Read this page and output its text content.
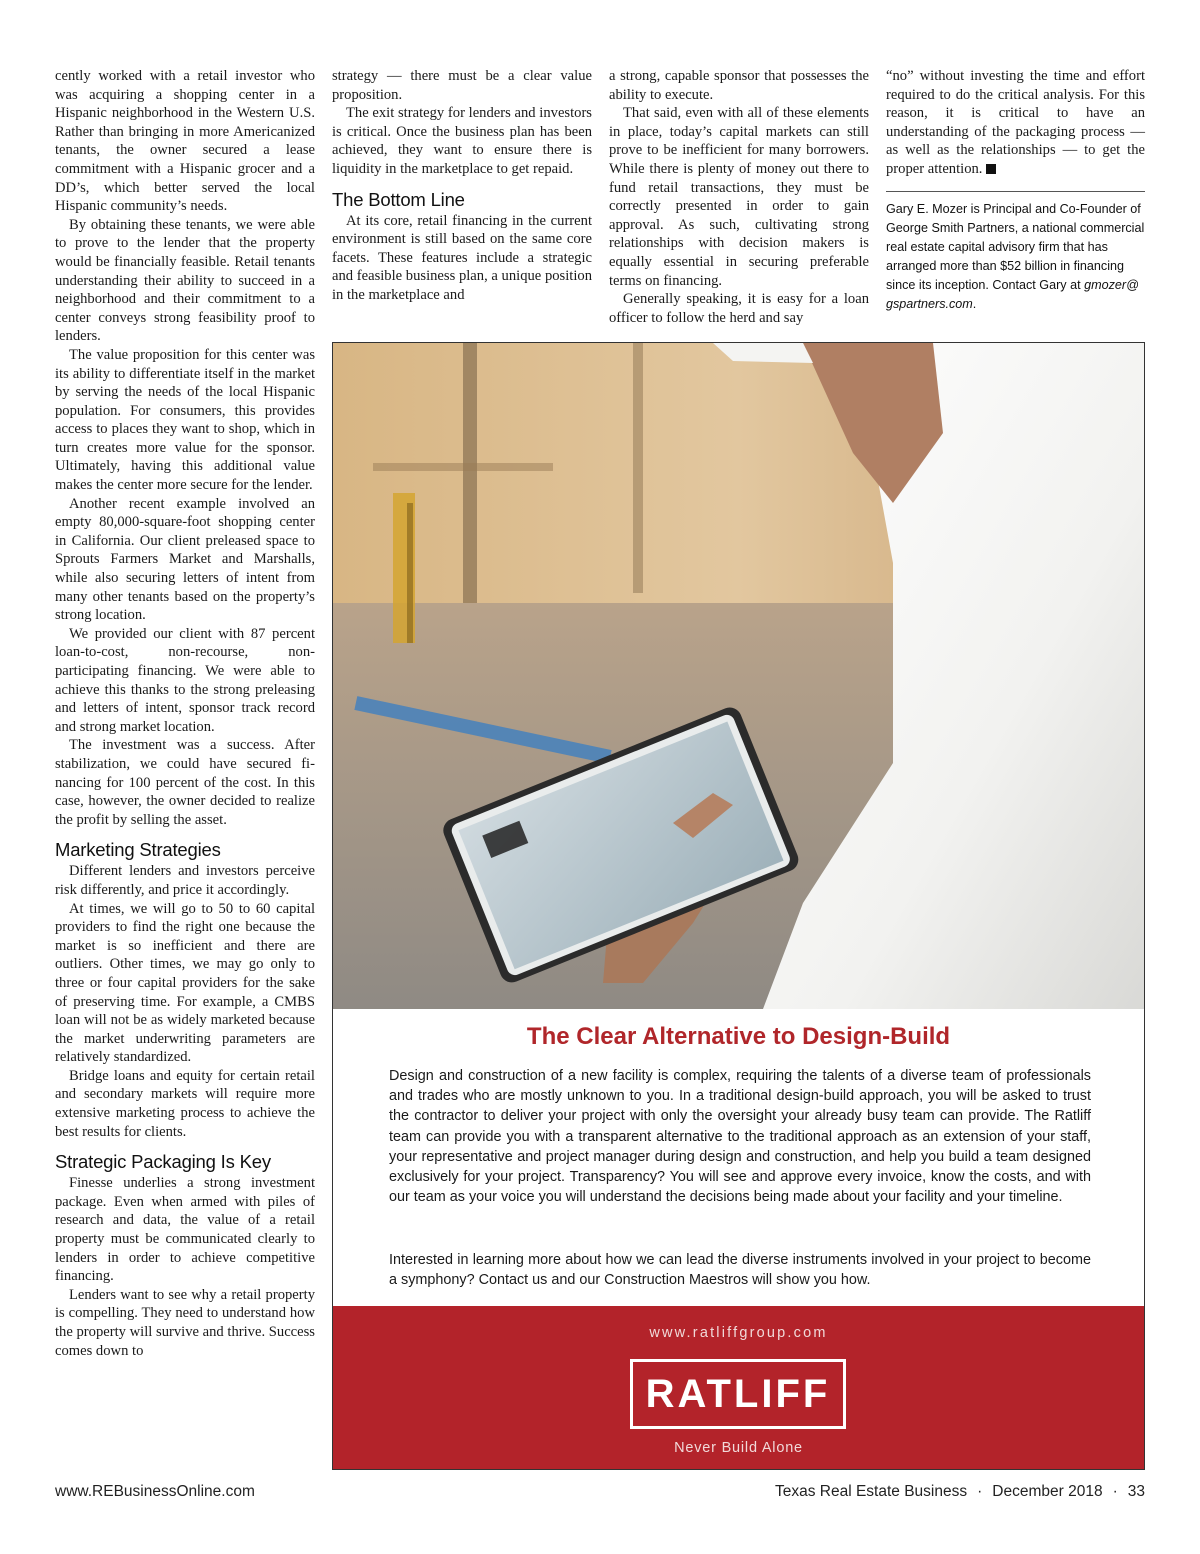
cently worked with a retail investor who was acquiring a shopping center in a Hispanic neighborhood in the Western U.S. Rather than bringing in more Americanized tenants, the owner secured a lease commitment with a Hispanic grocer and a DD’s, which better served the local Hispanic community’s needs.

By obtaining these tenants, we were able to prove to the lender that the property would be financially feasible. Retail tenants understanding their ability to succeed in a neighborhood and their commitment to a center conveys strong feasibility proof to lenders.

The value proposition for this center was its ability to differentiate itself in the market by serving the needs of the local Hispanic population. For consumers, this provides access to places they want to shop, which in turn creates more value for the sponsor. Ultimately, having this additional value makes the center more secure for the lender.

Another recent example involved an empty 80,000-square-foot shopping center in California. Our client preleased space to Sprouts Farmers Market and Marshalls, while also securing letters of intent from many other tenants based on the property’s strong location.

We provided our client with 87 percent loan-to-cost, non-recourse, non-participating financing. We were able to achieve this thanks to the strong preleasing and letters of intent, sponsor track record and strong market location.

The investment was a success. After stabilization, we could have secured financing for 100 percent of the cost. In this case, however, the owner decided to realize the profit by selling the asset.

Marketing Strategies

Different lenders and investors perceive risk differently, and price it accordingly.

At times, we will go to 50 to 60 capital providers to find the right one because the market is so inefficient and there are outliers. Other times, we may go only to three or four capital providers for the sake of preserving time. For example, a CMBS loan will not be as widely marketed because the market underwriting parameters are relatively standardized.

Bridge loans and equity for certain retail and secondary markets will require more extensive marketing process to achieve the best results for clients.

Strategic Packaging Is Key

Finesse underlies a strong investment package. Even when armed with piles of research and data, the value of a retail property must be communicated clearly to lenders in order to achieve competitive financing.

Lenders want to see why a retail property is compelling. They need to understand how the property will survive and thrive. Success comes down to

strategy — there must be a clear value proposition.

The exit strategy for lenders and investors is critical. Once the business plan has been achieved, they want to ensure there is liquidity in the marketplace to get repaid.

The Bottom Line

At its core, retail financing in the current environment is still based on the same core facets. These features include a strategic and feasible business plan, a unique position in the marketplace and

a strong, capable sponsor that possesses the ability to execute.

That said, even with all of these elements in place, today’s capital markets can still prove to be inefficient for many borrowers. While there is plenty of money out there to fund retail transactions, they must be correctly presented in order to gain approval. As such, cultivating strong relationships with decision makers is equally essential in securing preferable terms on financing.

Generally speaking, it is easy for a loan officer to follow the herd and say

“no” without investing the time and effort required to do the critical analysis. For this reason, it is critical to have an understanding of the packaging process — as well as the relationships — to get the proper attention.

Gary E. Mozer is Principal and Co-Founder of George Smith Partners, a national commercial real estate capital advisory firm that has arranged more than $52 billion in financing since its inception. Contact Gary at gmozer@ gspartners.com.

The Clear Alternative to Design-Build

Design and construction of a new facility is complex, requiring the talents of a diverse team of professionals and trades who are mostly unknown to you. In a traditional design-build approach, you will be asked to trust the contractor to deliver your project with only the oversight your already busy team can provide. The Ratliff team can provide you with a transparent alternative to the traditional approach as an extension of your staff, your representative and project manager during design and construction, and help you build a team designed exclusively for your project. Transparency? You will see and approve every invoice, know the costs, and with our team as your voice you will understand the decisions being made about your facility and your timeline.

Interested in learning more about how we can lead the diverse instruments involved in your project to become a symphony? Contact us and our Construction Maestros will show you how.

www.ratliffgroup.com
RATLIFF
Never Build Alone
www.REBusinessOnline.com	Texas Real Estate Business · December 2018 · 33
